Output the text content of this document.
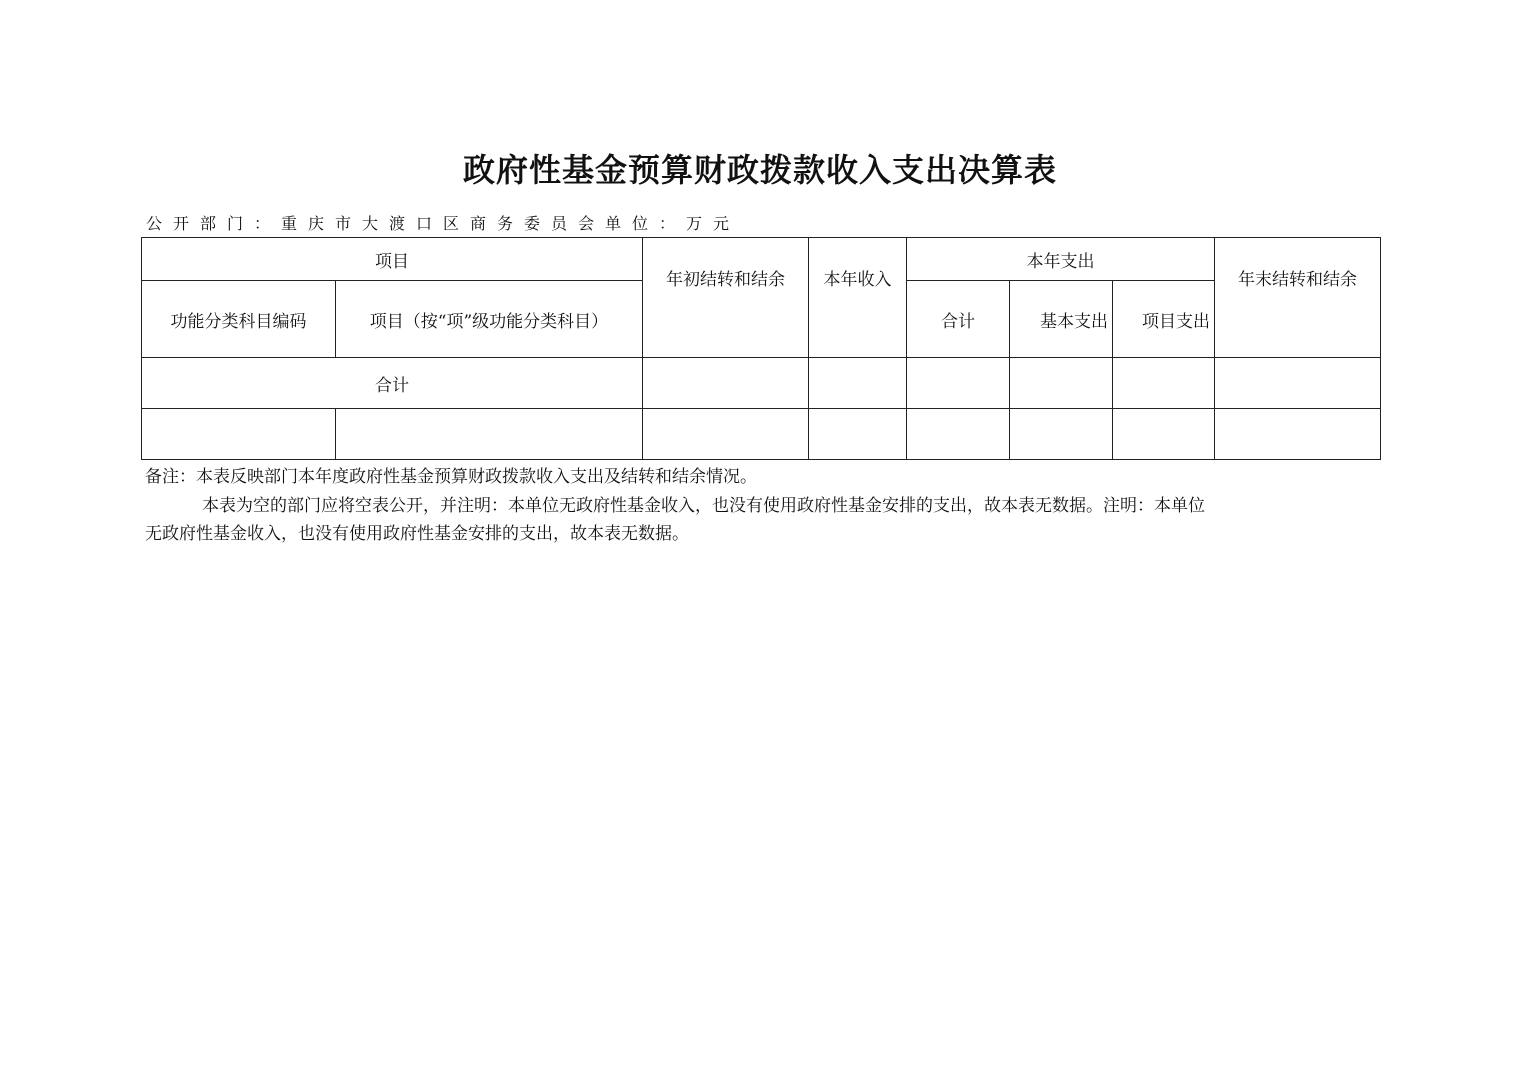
政府性基金预算财政拨款收入支出决算表
公开部门：重庆市大渡口区商务委员会单位：万元
项目		年初结转和结余	本年收入	本年支出			年末结转和结余
功能分类科目编码	项目（按“项”级功能分类科目）			合计	基本支出	项目支出	
合计							

备注：本表反映部门本年度政府性基金预算财政拨款收入支出及结转和结余情况。

本表为空的部门应将空表公开，并注明：本单位无政府性基金收入，也没有使用政府性基金安排的支出，故本表无数据。注明：本单位无政府性基金收入，也没有使用政府性基金安排的支出，故本表无数据。
